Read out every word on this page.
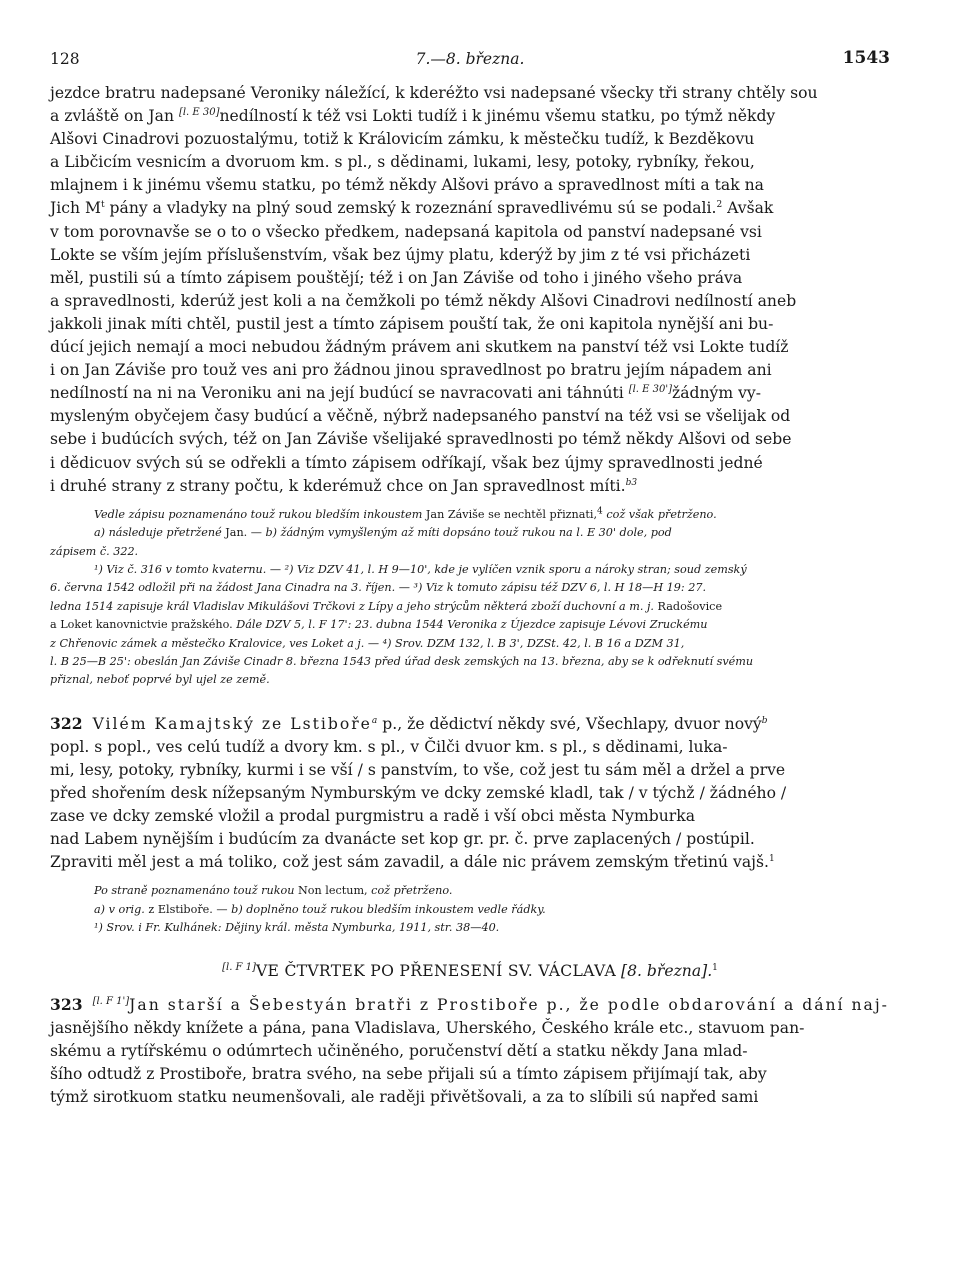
128	7.—8. března.	1543

jezdce bratru nadepsané Veroniky náležící, k kderéžto vsi nadepsané všecky tři strany chtěly sou

a zvláště on Jan [l. E 30]nedílností k též vsi Lokti tudíž i k jinému všemu statku, po týmž někdy

Alšovi Cinadrovi pozuostalýmu, totiž k Královicím zámku, k městečku tudíž, k Bezděkovu

a Libčicím vesnicím a dvoruom km. s pl., s dědinami, lukami, lesy, potoky, rybníky, řekou,

mlajnem i k jinému všemu statku, po témž někdy Alšovi právo a spravedlnost míti a tak na

Jich $M^t$ pány a vladyky na plný soud zemský k rozeznání spravedlivému sú se podali.$^2$ Avšak

v tom porovnavše se o to o všecko předkem, nadepsaná kapitola od panství nadepsané vsi

Lokte se vším jejím příslušenstvím, však bez újmy platu, kderýž by jim z té vsi přicházeti

měl, pustili sú a tímto zápisem pouštějí; též i on Jan Záviše od toho i jiného všeho práva

a spravedlnosti, kderúž jest koli a na čemžkoli po témž někdy Alšovi Cinadrovi nedílností aneb

jakkoli jinak míti chtěl, pustil jest a tímto zápisem pouští tak, že oni kapitola nynější ani bu-

dúcí jejich nemají a moci nebudou žádným právem ani skutkem na panství též vsi Lokte tudíž

i on Jan Záviše pro touž ves ani pro žádnou jinou spravedlnost po bratru jejím nápadem ani

nedílností na ni na Veroniku ani na její budúcí se navracovati ani táhnúti [l. E 30']žádným vy-

mysleným obyčejem časy budúcí a věčně, nýbrž nadepsaného panství na též vsi se všelijak od

sebe i budúcích svých, též on Jan Záviše všelijaké spravedlnosti po témž někdy Alšovi od sebe

i dědicuov svých sú se odřekli a tímto zápisem odříkají, však bez újmy spravedlnosti jedné

i druhé strany z strany počtu, k kderémuž chce on Jan spravedlnost míti.$^{b3}$

Vedle zápisu poznamenáno touž rukou bledším inkoustem Jan Záviše se nechtěl přiznati,$^4$ což však přetrženo.

a) následuje přetržené Jan. — b) žádným vymyšleným až míti dopsáno touž rukou na l. E 30' dole, pod

zápisem č. 322.

¹) Viz č. 316 v tomto kvaternu. — ²) Viz DZV 41, l. H 9—10', kde je vylíčen vznik sporu a nároky stran; soud zemský

6. června 1542 odložil při na žádost Jana Cinadra na 3. říjen. — ³) Viz k tomuto zápisu též DZV 6, l. H 18—H 19: 27.

ledna 1514 zapisuje král Vladislav Mikulášovi Trčkovi z Lípy a jeho strýcům některá zboží duchovní a m. j. Radošovice

a Loket kanovnictvie pražského. Dále DZV 5, l. F 17': 23. dubna 1544 Veronika z Újezdce zapisuje Lévovi Zruckému

z Chřenovic zámek a městečko Kralovice, ves Loket a j. — ⁴) Srov. DZM 132, l. B 3', DZSt. 42, l. B 16 a DZM 31,

l. B 25—B 25': obeslán Jan Záviše Cinadr 8. března 1543 před úřad desk zemských na 13. března, aby se k odřeknutí svému

přiznal, neboť poprvé byl ujel ze země.

322 Vilém Kamajtský ze Lstiboře$^a$ p., že dědictví někdy své, Všechlapy, dvuor nový$^b$

popl. s popl., ves celú tudíž a dvory km. s pl., v Čilči dvuor km. s pl., s dědinami, luka-

mi, lesy, potoky, rybníky, kurmi i se vší / s panstvím, to vše, což jest tu sám měl a držel a prve

před shořením desk nížepsaným Nymburským ve dcky zemské kladl, tak / v týchž / žádného /

zase ve dcky zemské vložil a prodal purgmistru a radě i vší obci města Nymburka

nad Labem nynějším i budúcím za dvanácte set kop gr. pr. č. prve zaplacených / postúpil.

Zpraviti měl jest a má toliko, což jest sám zavadil, a dále nic právem zemským třetinú vajš.$^1$

Po straně poznamenáno touž rukou Non lectum, což přetrženo.

a) v orig. z Elstiboře. — b) doplněno touž rukou bledším inkoustem vedle řádky.

¹) Srov. i Fr. Kulhánek: Dějiny král. města Nymburka, 1911, str. 38—40.

[l. F 1]VE ČTVRTEK PO PŘENESENÍ SV. VÁCLAVA [8. března].$^1$

323 [l. F 1']Jan starší a Šebestyán bratři z Prostiboře p., že podle obdarování a dání naj-

jasnějšího někdy knížete a pána, pana Vladislava, Uherského, Českého krále etc., stavuom pan-

skému a rytířskému o odúmrtech učiněného, poručenství dětí a statku někdy Jana mlad-

šího odtudž z Prostiboře, bratra svého, na sebe přijali sú a tímto zápisem přijímají tak, aby

týmž sirotkuom statku neumenšovali, ale raději přivětšovali, a za to slíbili sú napřed sami
